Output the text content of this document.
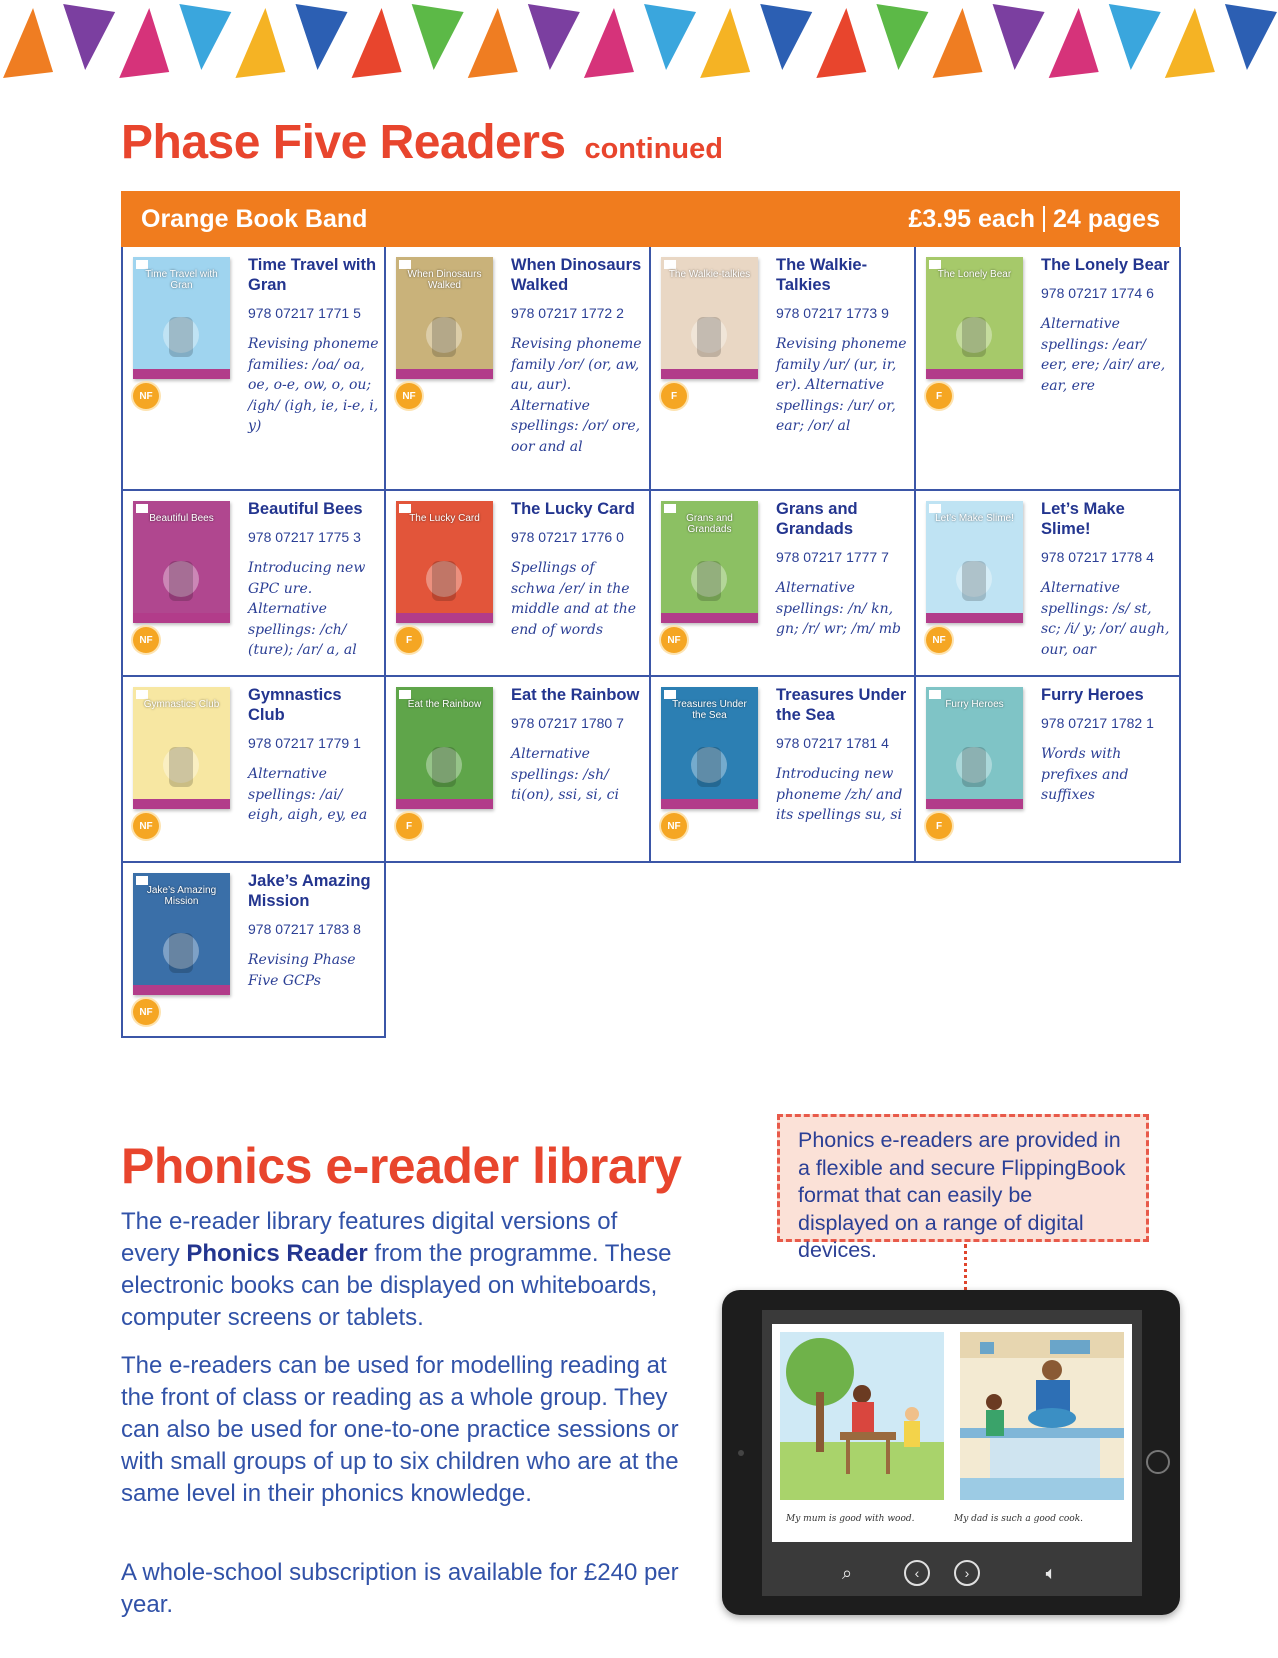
Phase Five Readers continued
Orange Book Band	£3.95 each 24 pages
Time Travel with Gran
NF

Time Travel with Gran

978 07217 1771 5
Revising phoneme families: /oa/ oa, oe, o-e, ow, o, ou; /igh/ (igh, ie, i-e, i, y)
When Dinosaurs Walked
NF

When Dinosaurs Walked

978 07217 1772 2
Revising phoneme family /or/ (or, aw, au, aur). Alternative spellings: /or/ ore, oor and al
The Walkie-talkies
F

The Walkie-Talkies

978 07217 1773 9
Revising phoneme family /ur/ (ur, ir, er). Alternative spellings: /ur/ or, ear; /or/ al
The Lonely Bear
F

The Lonely Bear

978 07217 1774 6
Alternative spellings: /ear/ eer, ere; /air/ are, ear, ere
Beautiful Bees
NF

Beautiful Bees

978 07217 1775 3
Introducing new GPC ure. Alternative spellings: /ch/ (ture); /ar/ a, al
The Lucky Card
F

The Lucky Card

978 07217 1776 0
Spellings of schwa /er/ in the middle and at the end of words
Grans and Grandads
NF

Grans and Grandads

978 07217 1777 7
Alternative spellings: /n/ kn, gn; /r/ wr; /m/ mb
Let’s Make Slime!
NF

Let’s Make Slime!

978 07217 1778 4
Alternative spellings: /s/ st, sc; /i/ y; /or/ augh, our, oar
Gymnastics Club
NF

Gymnastics Club

978 07217 1779 1
Alternative spellings: /ai/ eigh, aigh, ey, ea
Eat the Rainbow
F

Eat the Rainbow

978 07217 1780 7
Alternative spellings: /sh/ ti(on), ssi, si, ci
Treasures Under the Sea
NF

Treasures Under the Sea

978 07217 1781 4
Introducing new phoneme /zh/ and its spellings su, si
Furry Heroes
F

Furry Heroes

978 07217 1782 1
Words with prefixes and suffixes
Jake’s Amazing Mission
NF

Jake’s Amazing Mission

978 07217 1783 8
Revising Phase Five GCPs
Phonics e-reader library

The e-reader library features digital versions of every Phonics Reader from the programme. These electronic books can be displayed on whiteboards, computer screens or tablets.

The e-readers can be used for modelling reading at the front of class or reading as a whole group. They can also be used for one-to-one practice sessions or with small groups of up to six children who are at the same level in their phonics knowledge.

A whole-school subscription is available for £240 per year.

Phonics e-readers are provided in a flexible and secure FlippingBook format that can easily be displayed on a range of digital devices.
My mum is good with wood.	My dad is such a good cook.
⌕	‹	›	🔈︎
